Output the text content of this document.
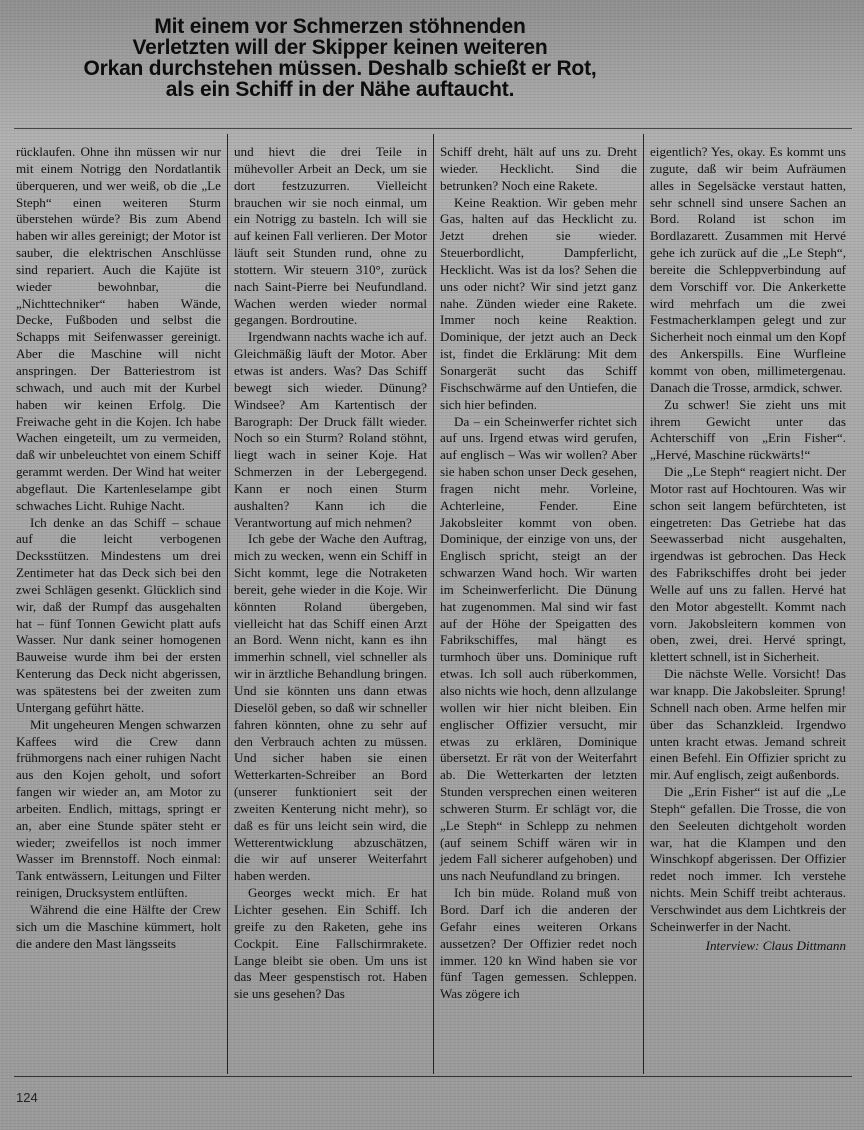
Mit einem vor Schmerzen stöhnenden
Verletzten will der Skipper keinen weiteren
Orkan durchstehen müssen. Deshalb schießt er Rot,
als ein Schiff in der Nähe auftaucht.

rücklaufen. Ohne ihn müssen wir nur mit einem Notrigg den Nordatlantik überqueren, und wer weiß, ob die „Le Steph“ einen weiteren Sturm überstehen würde? Bis zum Abend haben wir alles gereinigt; der Motor ist sauber, die elektrischen Anschlüsse sind repariert. Auch die Kajüte ist wieder bewohnbar, die „Nichttechniker“ haben Wände, Decke, Fußboden und selbst die Schapps mit Seifenwasser gereinigt. Aber die Maschine will nicht anspringen. Der Batteriestrom ist schwach, und auch mit der Kurbel haben wir keinen Erfolg. Die Freiwache geht in die Kojen. Ich habe Wachen eingeteilt, um zu vermeiden, daß wir unbeleuchtet von einem Schiff gerammt werden. Der Wind hat weiter abgeflaut. Die Kartenleselampe gibt schwaches Licht. Ruhige Nacht.

Ich denke an das Schiff – schaue auf die leicht verbogenen Decksstützen. Mindestens um drei Zentimeter hat das Deck sich bei den zwei Schlägen gesenkt. Glücklich sind wir, daß der Rumpf das ausgehalten hat – fünf Tonnen Gewicht platt aufs Wasser. Nur dank seiner homogenen Bauweise wurde ihm bei der ersten Kenterung das Deck nicht abgerissen, was spätestens bei der zweiten zum Untergang geführt hätte.

Mit ungeheuren Mengen schwarzen Kaffees wird die Crew dann frühmorgens nach einer ruhigen Nacht aus den Kojen geholt, und sofort fangen wir wieder an, am Motor zu arbeiten. Endlich, mittags, springt er an, aber eine Stunde später steht er wieder; zweifellos ist noch immer Wasser im Brennstoff. Noch einmal: Tank entwässern, Leitungen und Filter reinigen, Drucksystem entlüften.

Während die eine Hälfte der Crew sich um die Maschine kümmert, holt die andere den Mast längsseits

und hievt die drei Teile in mühevoller Arbeit an Deck, um sie dort festzuzurren. Vielleicht brauchen wir sie noch einmal, um ein Notrigg zu basteln. Ich will sie auf keinen Fall verlieren. Der Motor läuft seit Stunden rund, ohne zu stottern. Wir steuern 310°, zurück nach Saint-Pierre bei Neufundland. Wachen werden wieder normal gegangen. Bordroutine.

Irgendwann nachts wache ich auf. Gleichmäßig läuft der Motor. Aber etwas ist anders. Was? Das Schiff bewegt sich wieder. Dünung? Windsee? Am Kartentisch der Barograph: Der Druck fällt wieder. Noch so ein Sturm? Roland stöhnt, liegt wach in seiner Koje. Hat Schmerzen in der Lebergegend. Kann er noch einen Sturm aushalten? Kann ich die Verantwortung auf mich nehmen?

Ich gebe der Wache den Auftrag, mich zu wecken, wenn ein Schiff in Sicht kommt, lege die Notraketen bereit, gehe wieder in die Koje. Wir könnten Roland übergeben, vielleicht hat das Schiff einen Arzt an Bord. Wenn nicht, kann es ihn immerhin schnell, viel schneller als wir in ärztliche Behandlung bringen. Und sie könnten uns dann etwas Dieselöl geben, so daß wir schneller fahren könnten, ohne zu sehr auf den Verbrauch achten zu müssen. Und sicher haben sie einen Wetterkarten-Schreiber an Bord (unserer funktioniert seit der zweiten Kenterung nicht mehr), so daß es für uns leicht sein wird, die Wetterentwicklung abzuschätzen, die wir auf unserer Weiterfahrt haben werden.

Georges weckt mich. Er hat Lichter gesehen. Ein Schiff. Ich greife zu den Raketen, gehe ins Cockpit. Eine Fallschirmrakete. Lange bleibt sie oben. Um uns ist das Meer gespenstisch rot. Haben sie uns gesehen? Das

Schiff dreht, hält auf uns zu. Dreht wieder. Hecklicht. Sind die betrunken? Noch eine Rakete.

Keine Reaktion. Wir geben mehr Gas, halten auf das Hecklicht zu. Jetzt drehen sie wieder. Steuerbordlicht, Dampferlicht, Hecklicht. Was ist da los? Sehen die uns oder nicht? Wir sind jetzt ganz nahe. Zünden wieder eine Rakete. Immer noch keine Reaktion. Dominique, der jetzt auch an Deck ist, findet die Erklärung: Mit dem Sonargerät sucht das Schiff Fischschwärme auf den Untiefen, die sich hier befinden.

Da – ein Scheinwerfer richtet sich auf uns. Irgend etwas wird gerufen, auf englisch – Was wir wollen? Aber sie haben schon unser Deck gesehen, fragen nicht mehr. Vorleine, Achterleine, Fender. Eine Jakobsleiter kommt von oben. Dominique, der einzige von uns, der Englisch spricht, steigt an der schwarzen Wand hoch. Wir warten im Scheinwerferlicht. Die Dünung hat zugenommen. Mal sind wir fast auf der Höhe der Speigatten des Fabrikschiffes, mal hängt es turmhoch über uns. Dominique ruft etwas. Ich soll auch rüberkommen, also nichts wie hoch, denn allzulange wollen wir hier nicht bleiben. Ein englischer Offizier versucht, mir etwas zu erklären, Dominique übersetzt. Er rät von der Weiterfahrt ab. Die Wetterkarten der letzten Stunden versprechen einen weiteren schweren Sturm. Er schlägt vor, die „Le Steph“ in Schlepp zu nehmen (auf seinem Schiff wären wir in jedem Fall sicherer aufgehoben) und uns nach Neufundland zu bringen.

Ich bin müde. Roland muß von Bord. Darf ich die anderen der Gefahr eines weiteren Orkans aussetzen? Der Offizier redet noch immer. 120 kn Wind haben sie vor fünf Tagen gemessen. Schleppen. Was zögere ich

eigentlich? Yes, okay. Es kommt uns zugute, daß wir beim Aufräumen alles in Segelsäcke verstaut hatten, sehr schnell sind unsere Sachen an Bord. Roland ist schon im Bordlazarett. Zusammen mit Hervé gehe ich zurück auf die „Le Steph“, bereite die Schleppverbindung auf dem Vorschiff vor. Die Ankerkette wird mehrfach um die zwei Festmacherklampen gelegt und zur Sicherheit noch einmal um den Kopf des Ankerspills. Eine Wurfleine kommt von oben, millimetergenau. Danach die Trosse, armdick, schwer.

Zu schwer! Sie zieht uns mit ihrem Gewicht unter das Achterschiff von „Erin Fisher“. „Hervé, Maschine rückwärts!“

Die „Le Steph“ reagiert nicht. Der Motor rast auf Hochtouren. Was wir schon seit langem befürchteten, ist eingetreten: Das Getriebe hat das Seewasserbad nicht ausgehalten, irgendwas ist gebrochen. Das Heck des Fabrikschiffes droht bei jeder Welle auf uns zu fallen. Hervé hat den Motor abgestellt. Kommt nach vorn. Jakobsleitern kommen von oben, zwei, drei. Hervé springt, klettert schnell, ist in Sicherheit.

Die nächste Welle. Vorsicht! Das war knapp. Die Jakobsleiter. Sprung! Schnell nach oben. Arme helfen mir über das Schanzkleid. Irgendwo unten kracht etwas. Jemand schreit einen Befehl. Ein Offizier spricht zu mir. Auf englisch, zeigt außenbords.

Die „Erin Fisher“ ist auf die „Le Steph“ gefallen. Die Trosse, die von den Seeleuten dichtgeholt worden war, hat die Klampen und den Winschkopf abgerissen. Der Offizier redet noch immer. Ich verstehe nichts. Mein Schiff treibt achteraus. Verschwindet aus dem Lichtkreis der Scheinwerfer in der Nacht.

Interview: Claus Dittmann
124
